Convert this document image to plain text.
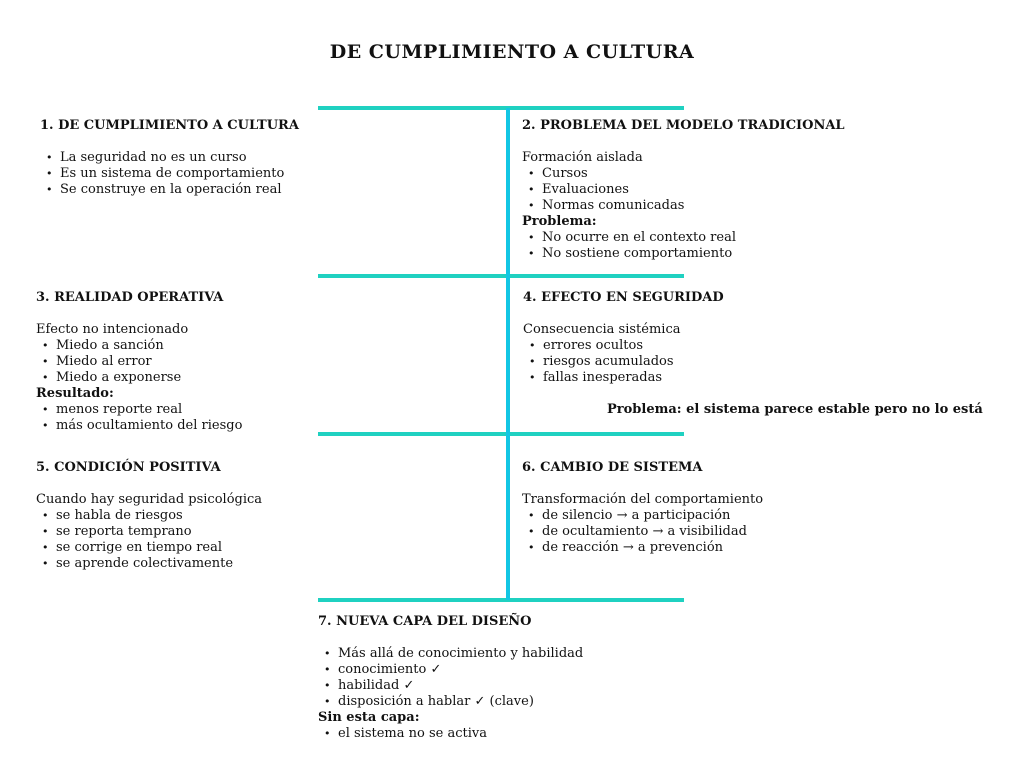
DE CUMPLIMIENTO A CULTURA
1. DE CUMPLIMIENTO A CULTURA
• La seguridad no es un curso
• Es un sistema de comportamiento
• Se construye en la operación real
2. PROBLEMA DEL MODELO TRADICIONAL
Formación aislada
• Cursos
• Evaluaciones
• Normas comunicadas
Problema:
• No ocurre en el contexto real
• No sostiene comportamiento
3. REALIDAD OPERATIVA
Efecto no intencionado
• Miedo a sanción
• Miedo al error
• Miedo a exponerse
Resultado:
• menos reporte real
• más ocultamiento del riesgo
4. EFECTO EN SEGURIDAD
Consecuencia sistémica
• errores ocultos
• riesgos acumulados
• fallas inesperadas
Problema: el sistema parece estable pero no lo está
5. CONDICIÓN POSITIVA
Cuando hay seguridad psicológica
• se habla de riesgos
• se reporta temprano
• se corrige en tiempo real
• se aprende colectivamente
6. CAMBIO DE SISTEMA
Transformación del comportamiento
• de silencio → a participación
• de ocultamiento → a visibilidad
• de reacción → a prevención
7. NUEVA CAPA DEL DISEÑO
• Más allá de conocimiento y habilidad
• conocimiento ✓
• habilidad ✓
• disposición a hablar ✓ (clave)
Sin esta capa:
• el sistema no se activa
